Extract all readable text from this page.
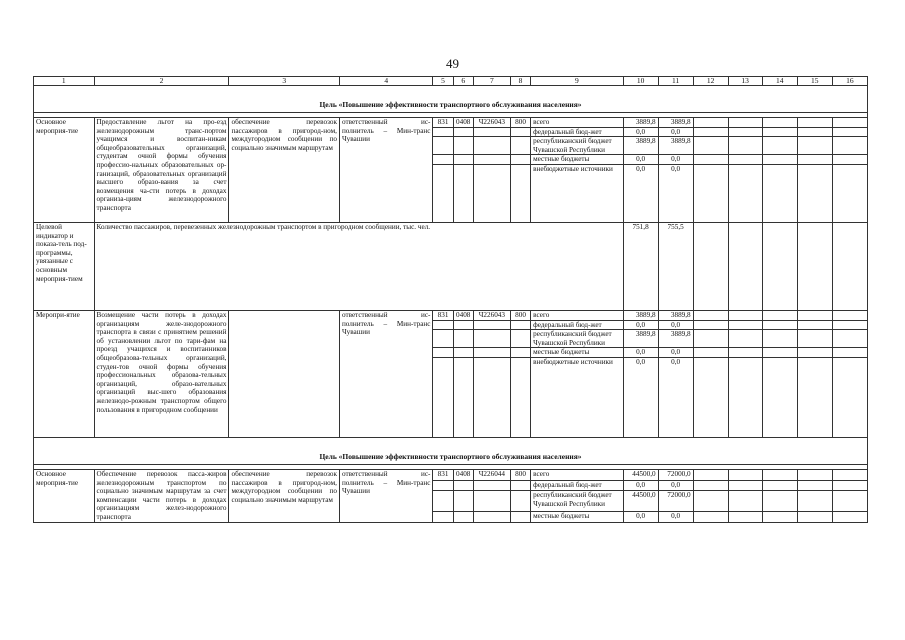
49
1	2	3	4	5	6	7	8	9	10	11	12	13	14	15	16
Цель «Повышение эффективности транспортного обслуживания населения»															

Основное мероприя-тие	Предоставление льгот на про-езд железнодорожным транс-портом учащимся и воспитан-никам общеобразовательных организаций, студентам очной формы обучения профессио-нальных образовательных ор-ганизаций, образовательных организаций высшего образо-вания за счет возмещения ча-сти потерь в доходах организа-циям железнодорожного транспорта	обеспечение перевозок пассажиров в пригород-ном, междугородном сообщении по социально значимым маршрутам	ответственный ис-полнитель – Мин-транс Чувашии	831	0408	Ч226043	800	всего	3889,8	3889,8					
								федеральный бюд-жет	0,0	0,0					
								республиканский бюджет Чувашской Республики	3889,8	3889,8					
								местные бюджеты	0,0	0,0					
								внебюджетные источники	0,0	0,0					
Целевой индикатор и показа-тель под-программы, увязанные с основным мероприя-тием	Количество пассажиров, перевезенных железнодорожным транспортом в пригородном сообщении, тыс. чел.								751,8	755,5					
Меропри-ятие	Возмещение части потерь в доходах организациям желе-знодорожного транспорта в связи с принятием решений об установлении льгот по тари-фам на проезд учащихся и воспитанников общеобразова-тельных организаций, студен-тов очной формы обучения профессиональных образова-тельных организаций, образо-вательных организаций выс-шего образования железнодо-рожным транспортом общего пользования в пригородном сообщении		ответственный ис-полнитель – Мин-транс Чувашии	831	0408	Ч226043	800	всего	3889,8	3889,8					
								федеральный бюд-жет	0,0	0,0					
								республиканский бюджет Чувашской Республики	3889,8	3889,8					
								местные бюджеты	0,0	0,0					
								внебюджетные источники	0,0	0,0					
Цель «Повышение эффективности транспортного обслуживания населения»															

Основное мероприя-тие	Обеспечение перевозок пасса-жиров железнодорожным транспортом по социально значимым маршрутам за счет компенсации части потерь в доходах организациям желез-нодорожного транспорта	обеспечение перевозок пассажиров в пригород-ном, междугородном сообщении по социально значимым маршрутам	ответственный ис-полнитель – Мин-транс Чувашии	831	0408	Ч226044	800	всего	44500,0	72000,0					
								федеральный бюд-жет	0,0	0,0					
								республиканский бюджет Чувашской Республики	44500,0	72000,0					
								местные бюджеты	0,0	0,0					
